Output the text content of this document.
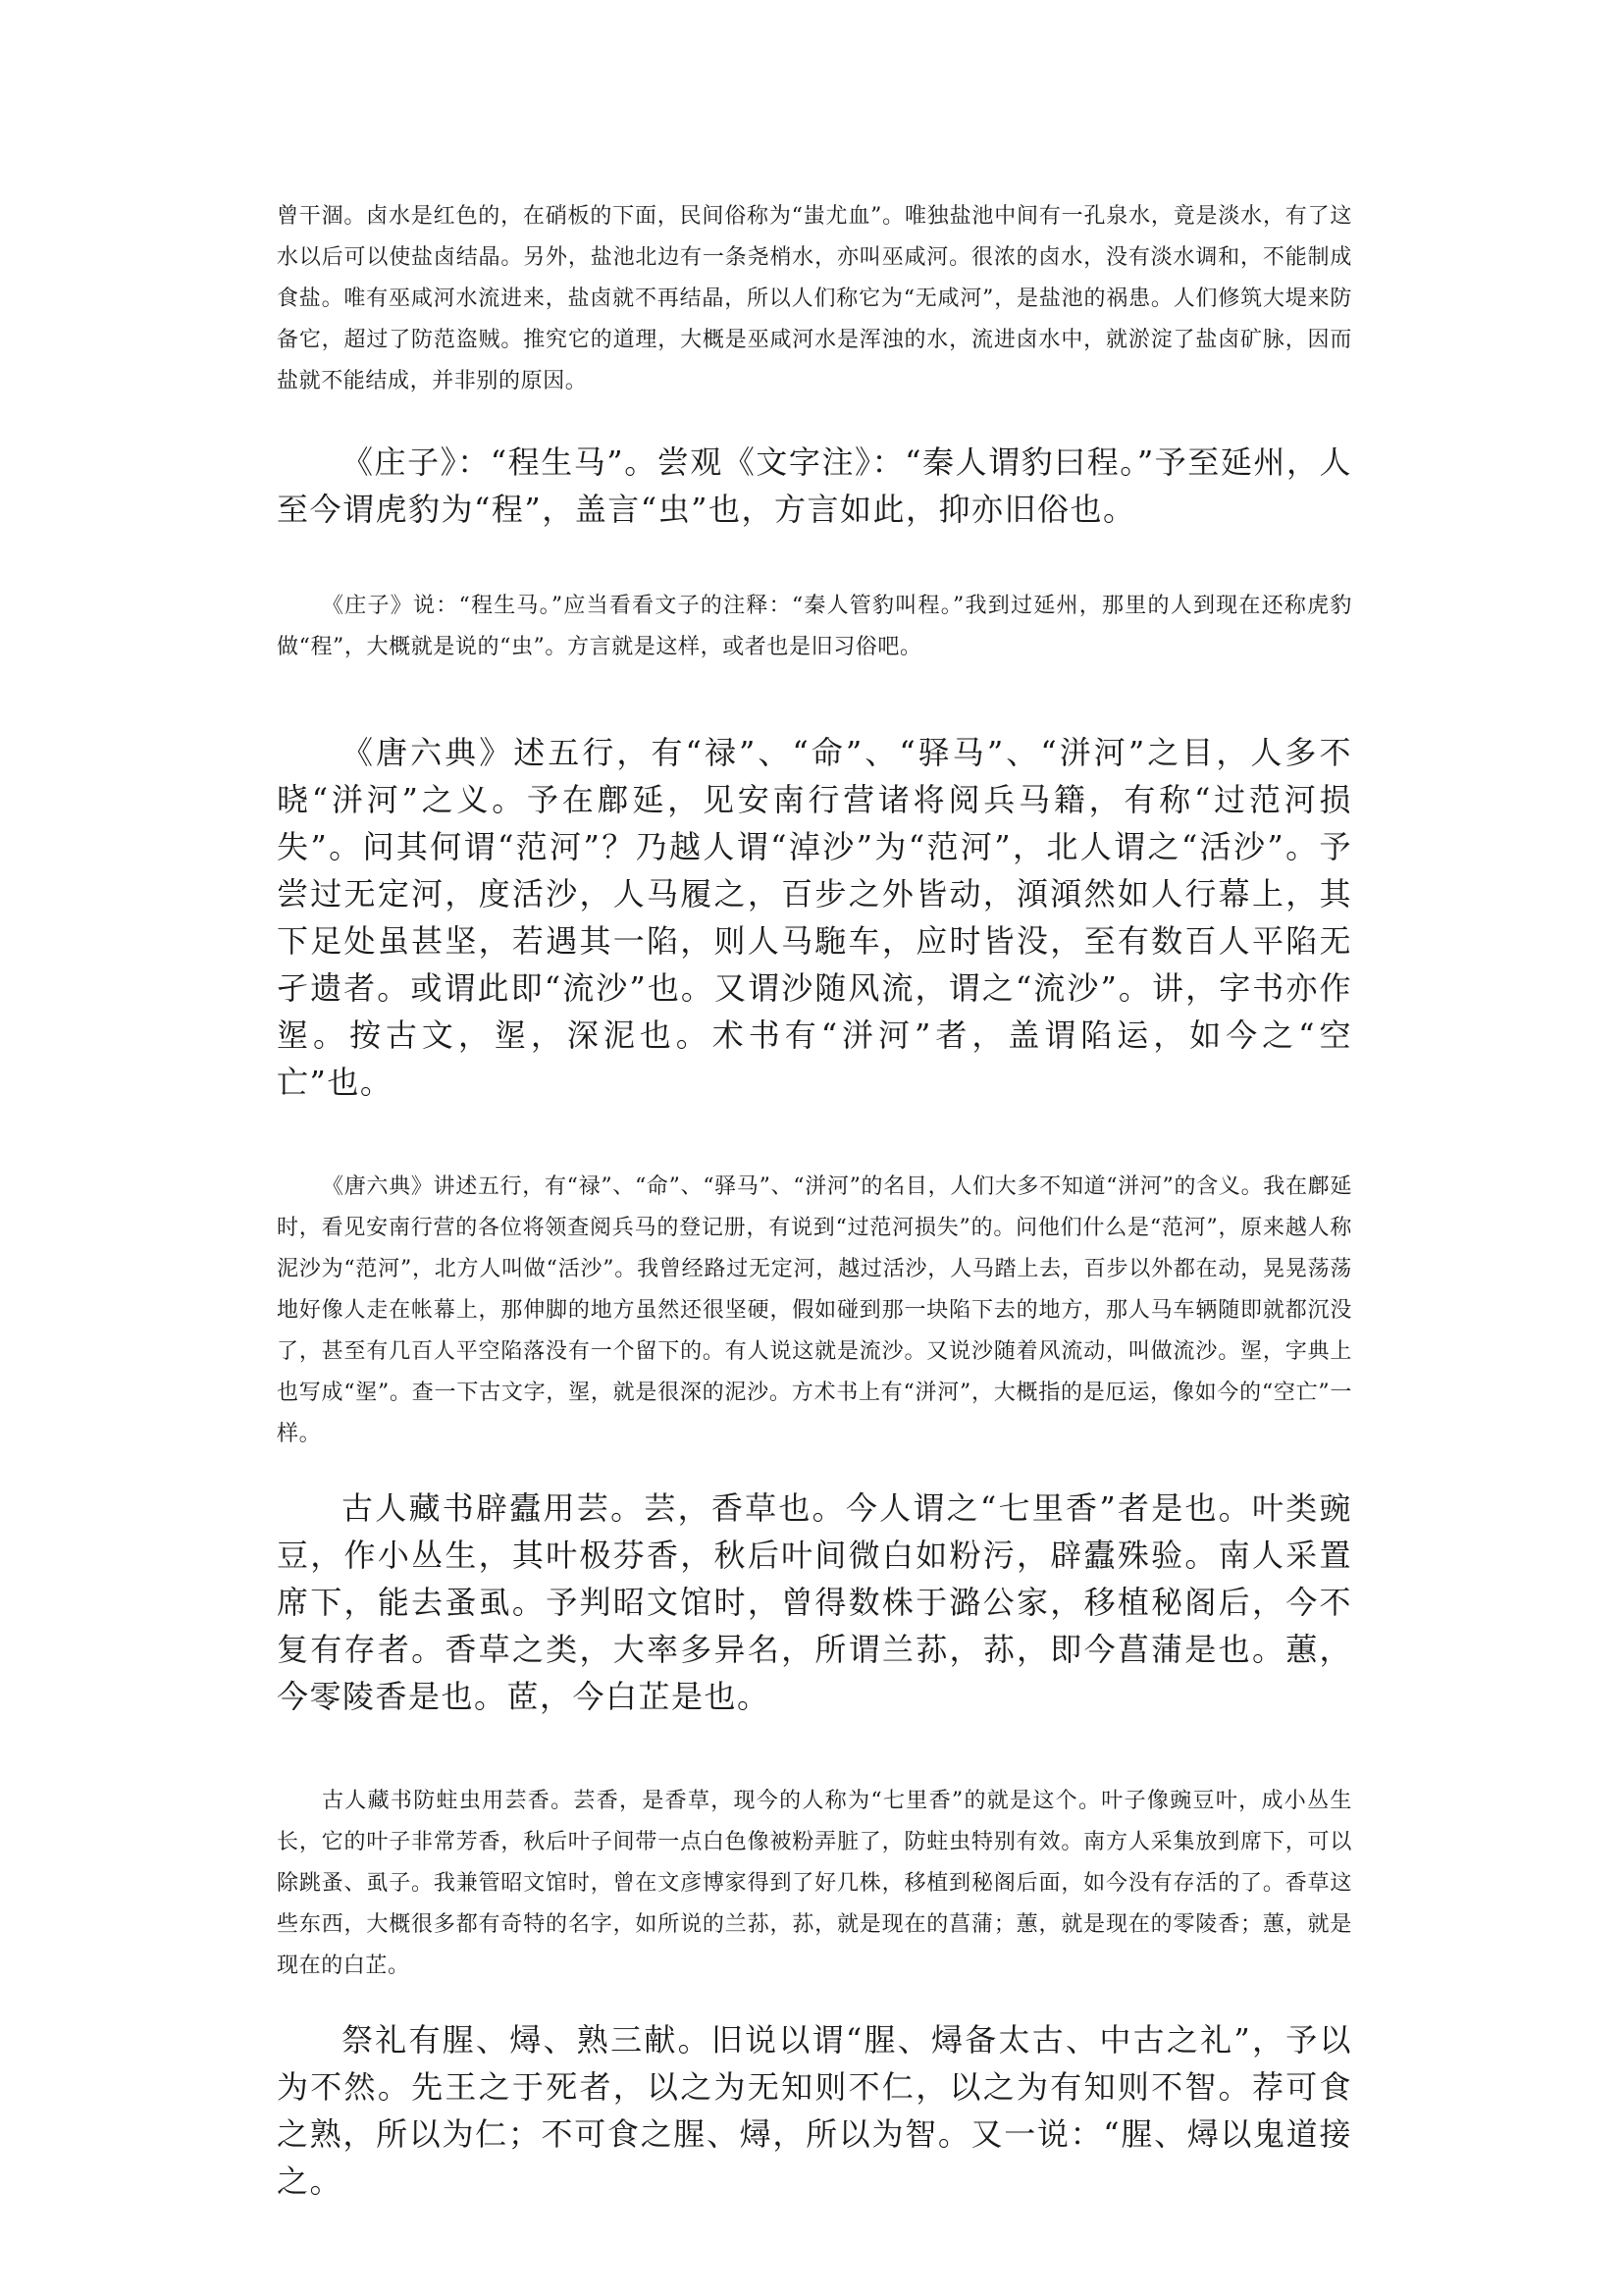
曾干涸。卤水是红色的，在硝板的下面，民间俗称为“蚩尤血”。唯独盐池中间有一孔泉水，竟是淡水，有了这水以后可以使盐卤结晶。另外，盐池北边有一条尧梢水，亦叫巫咸河。很浓的卤水，没有淡水调和，不能制成食盐。唯有巫咸河水流进来，盐卤就不再结晶，所以人们称它为“无咸河”，是盐池的祸患。人们修筑大堤来防备它，超过了防范盗贼。推究它的道理，大概是巫咸河水是浑浊的水，流进卤水中，就淤淀了盐卤矿脉，因而盐就不能结成，并非别的原因。

《庄子》：“程生马”。尝观《文字注》：“秦人谓豹曰程。”予至延州，人至今谓虎豹为“程”，盖言“虫”也，方言如此，抑亦旧俗也。

《庄子》说：“程生马。”应当看看文子的注释：“秦人管豹叫程。”我到过延州，那里的人到现在还称虎豹做“程”，大概就是说的“虫”。方言就是这样，或者也是旧习俗吧。

《唐六典》述五行，有“禄”、“命”、“驿马”、“洴河”之目，人多不晓“洴河”之义。予在鄜延，见安南行营诸将阅兵马籍，有称“过范河损失”。问其何谓“范河”？乃越人谓“淖沙”为“范河”，北人谓之“活沙”。予尝过无定河，度活沙，人马履之，百步之外皆动，澒澒然如人行幕上，其下足处虽甚坚，若遇其一陷，则人马駞车，应时皆没，至有数百人平陷无孑遗者。或谓此即“流沙”也。又谓沙随风流，谓之“流沙”。讲，字书亦作埿。按古文，埿，深泥也。术书有“洴河”者，盖谓陷运，如今之“空亡”也。

《唐六典》讲述五行，有“禄”、“命”、“驿马”、“洴河”的名目，人们大多不知道“洴河”的含义。我在鄜延时，看见安南行营的各位将领查阅兵马的登记册，有说到“过范河损失”的。问他们什么是“范河”，原来越人称泥沙为“范河”，北方人叫做“活沙”。我曾经路过无定河，越过活沙，人马踏上去，百步以外都在动，晃晃荡荡地好像人走在帐幕上，那伸脚的地方虽然还很坚硬，假如碰到那一块陷下去的地方，那人马车辆随即就都沉没了，甚至有几百人平空陷落没有一个留下的。有人说这就是流沙。又说沙随着风流动，叫做流沙。埿，字典上也写成“埿”。查一下古文字，埿，就是很深的泥沙。方术书上有“洴河”，大概指的是厄运，像如今的“空亡”一样。

古人藏书辟蠹用芸。芸，香草也。今人谓之“七里香”者是也。叶类豌豆，作小丛生，其叶极芬香，秋后叶间微白如粉污，辟蠹殊验。南人采置席下，能去蚤虱。予判昭文馆时，曾得数株于潞公家，移植秘阁后，今不复有存者。香草之类，大率多异名，所谓兰荪，荪，即今菖蒲是也。蕙，今零陵香是也。茝，今白芷是也。

古人藏书防蛀虫用芸香。芸香，是香草，现今的人称为“七里香”的就是这个。叶子像豌豆叶，成小丛生长，它的叶子非常芳香，秋后叶子间带一点白色像被粉弄脏了，防蛀虫特别有效。南方人采集放到席下，可以除跳蚤、虱子。我兼管昭文馆时，曾在文彦博家得到了好几株，移植到秘阁后面，如今没有存活的了。香草这些东西，大概很多都有奇特的名字，如所说的兰荪，荪，就是现在的菖蒲；蕙，就是现在的零陵香；蕙，就是现在的白芷。

祭礼有腥、燖、熟三献。旧说以谓“腥、燖备太古、中古之礼”，予以为不然。先王之于死者，以之为无知则不仁，以之为有知则不智。荐可食之熟，所以为仁；不可食之腥、燖，所以为智。又一说：“腥、燖以鬼道接之。
